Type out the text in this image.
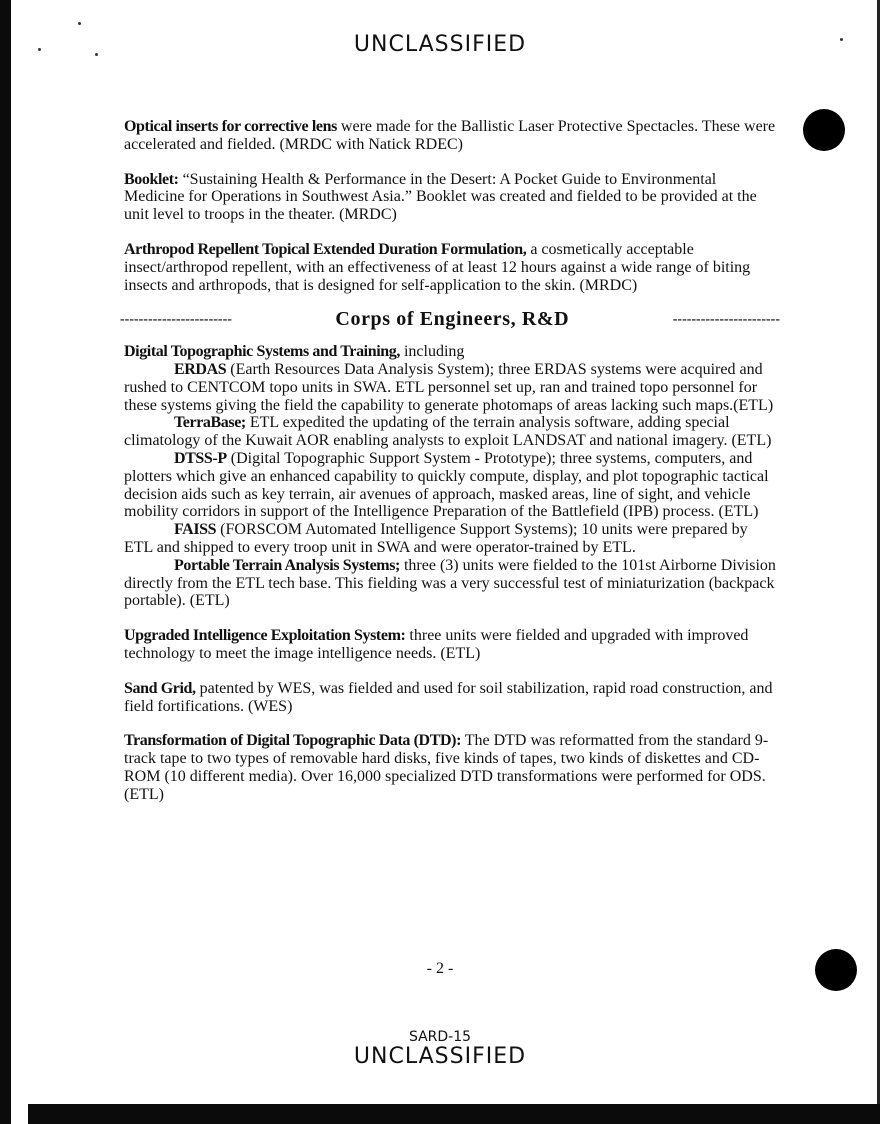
UNCLASSIFIED

Optical inserts for corrective lens were made for the Ballistic Laser Protective Spectacles. These were accelerated and fielded. (MRDC with Natick RDEC)

Booklet: “Sustaining Health & Performance in the Desert: A Pocket Guide to Environmental Medicine for Operations in Southwest Asia.” Booklet was created and fielded to be provided at the unit level to troops in the theater. (MRDC)

Arthropod Repellent Topical Extended Duration Formulation, a cosmetically acceptable insect/arthropod repellent, with an effectiveness of at least 12 hours against a wide range of biting insects and arthropods, that is designed for self-application to the skin. (MRDC)

------------------------	Corps of Engineers, R&D	-----------------------

Digital Topographic Systems and Training, including

ERDAS (Earth Resources Data Analysis System); three ERDAS systems were acquired and rushed to CENTCOM topo units in SWA. ETL personnel set up, ran and trained topo personnel for these systems giving the field the capability to generate photomaps of areas lacking such maps.(ETL)

TerraBase; ETL expedited the updating of the terrain analysis software, adding special climatology of the Kuwait AOR enabling analysts to exploit LANDSAT and national imagery. (ETL)

DTSS-P (Digital Topographic Support System - Prototype); three systems, computers, and plotters which give an enhanced capability to quickly compute, display, and plot topographic tactical decision aids such as key terrain, air avenues of approach, masked areas, line of sight, and vehicle mobility corridors in support of the Intelligence Preparation of the Battlefield (IPB) process. (ETL)

FAISS (FORSCOM Automated Intelligence Support Systems); 10 units were prepared by ETL and shipped to every troop unit in SWA and were operator-trained by ETL.

Portable Terrain Analysis Systems; three (3) units were fielded to the 101st Airborne Division directly from the ETL tech base. This fielding was a very successful test of miniaturization (backpack portable). (ETL)

Upgraded Intelligence Exploitation System: three units were fielded and upgraded with improved technology to meet the image intelligence needs. (ETL)

Sand Grid, patented by WES, was fielded and used for soil stabilization, rapid road construction, and field fortifications. (WES)

Transformation of Digital Topographic Data (DTD): The DTD was reformatted from the standard 9-track tape to two types of removable hard disks, five kinds of tapes, two kinds of diskettes and CD-ROM (10 different media). Over 16,000 specialized DTD transformations were performed for ODS. (ETL)

- 2 -
SARD-15
UNCLASSIFIED
